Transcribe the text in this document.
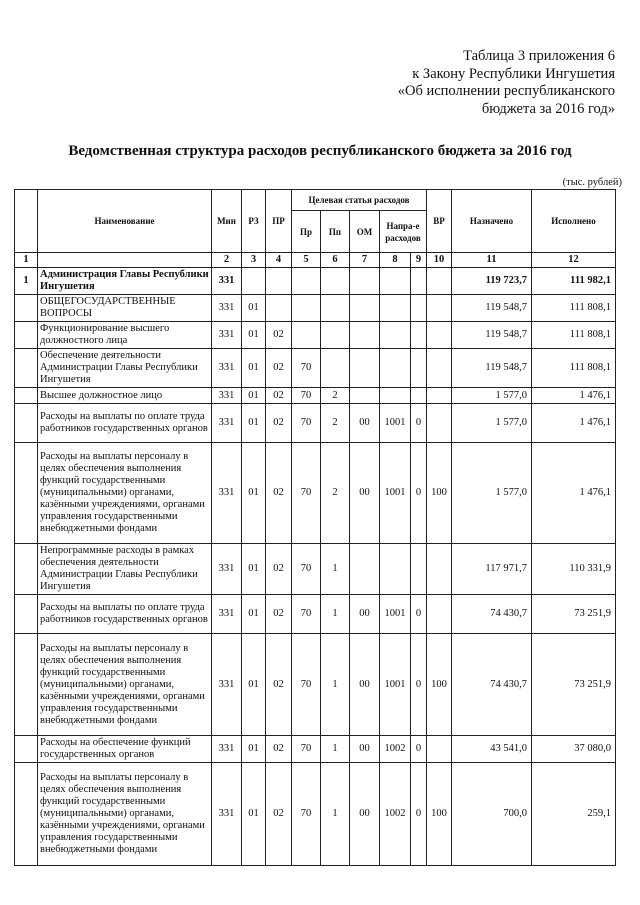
Таблица 3 приложения 6
к Закону Республики Ингушетия
«Об исполнении республиканского
бюджета за 2016 год»
Ведомственная структура расходов республиканского бюджета за 2016 год
(тыс. рублей)
	Наименование	Мин	РЗ	ПР	Целевая статья расходов					ВР	Назначено	Исполнено
					Пр	Пп	ОМ	Напра-е расходов				
1		2	3	4	5	6	7	8	9	10	11	12
1	Администрация Главы Республики Ингушетия	331									119 723,7	111 982,1
	ОБЩЕГОСУДАРСТВЕННЫЕ ВОПРОСЫ	331	01								119 548,7	111 808,1
	Функционирование высшего должностного лица	331	01	02							119 548,7	111 808,1
	Обеспечение деятельности Администрации Главы Республики Ингушетия	331	01	02	70						119 548,7	111 808,1
	Высшее должностное лицо	331	01	02	70	2					1 577,0	1 476,1
	Расходы на выплаты по оплате труда работников государственных органов	331	01	02	70	2	00	1001	0		1 577,0	1 476,1
	Расходы на выплаты персоналу в целях обеспечения выполнения функций государственными (муниципальными) органами, казёнными учреждениями, органами управления государственными внебюджетными фондами	331	01	02	70	2	00	1001	0	100	1 577,0	1 476,1
	Непрограммные расходы в рамках обеспечения деятельности Администрации Главы Республики Ингушетия	331	01	02	70	1					117 971,7	110 331,9
	Расходы на выплаты по оплате труда работников государственных органов	331	01	02	70	1	00	1001	0		74 430,7	73 251,9
	Расходы на выплаты персоналу в целях обеспечения выполнения функций государственными (муниципальными) органами, казёнными учреждениями, органами управления государственными внебюджетными фондами	331	01	02	70	1	00	1001	0	100	74 430,7	73 251,9
	Расходы на обеспечение функций государственных органов	331	01	02	70	1	00	1002	0		43 541,0	37 080,0
	Расходы на выплаты персоналу в целях обеспечения выполнения функций государственными (муниципальными) органами, казёнными учреждениями, органами управления государственными внебюджетными фондами	331	01	02	70	1	00	1002	0	100	700,0	259,1
